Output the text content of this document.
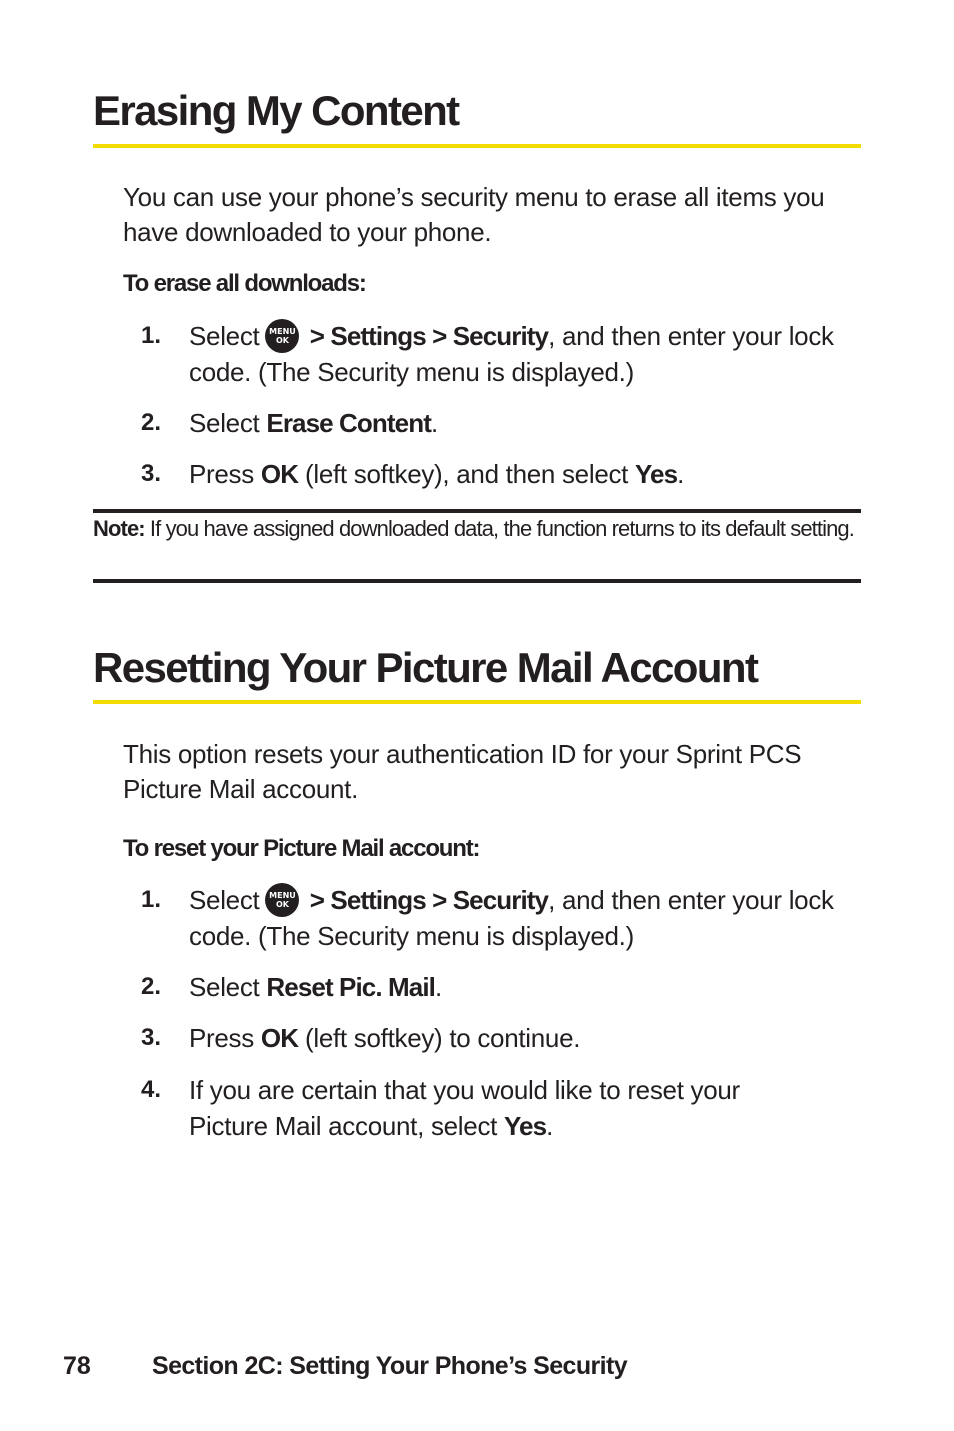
Erasing My Content

You can use your phone’s security menu to erase all items you have downloaded to your phone.

To erase all downloads:

1.	Select	MENU
OK > Settings > Security, and then enter your lock code. (The Security menu is displayed.)

2.	Select Erase Content.

3.	Press OK (left softkey), and then select Yes.

Note: If you have assigned downloaded data, the function returns to its default setting.

Resetting Your Picture Mail Account

This option resets your authentication ID for your Sprint PCS Picture Mail account.

To reset your Picture Mail account:

1.	Select	MENU
OK > Settings > Security, and then enter your lock code. (The Security menu is displayed.)

2.	Select Reset Pic. Mail.

3.	Press OK (left softkey) to continue.

4.	If you are certain that you would like to reset your Picture Mail account, select Yes.

78 Section 2C: Setting Your Phone’s Security
